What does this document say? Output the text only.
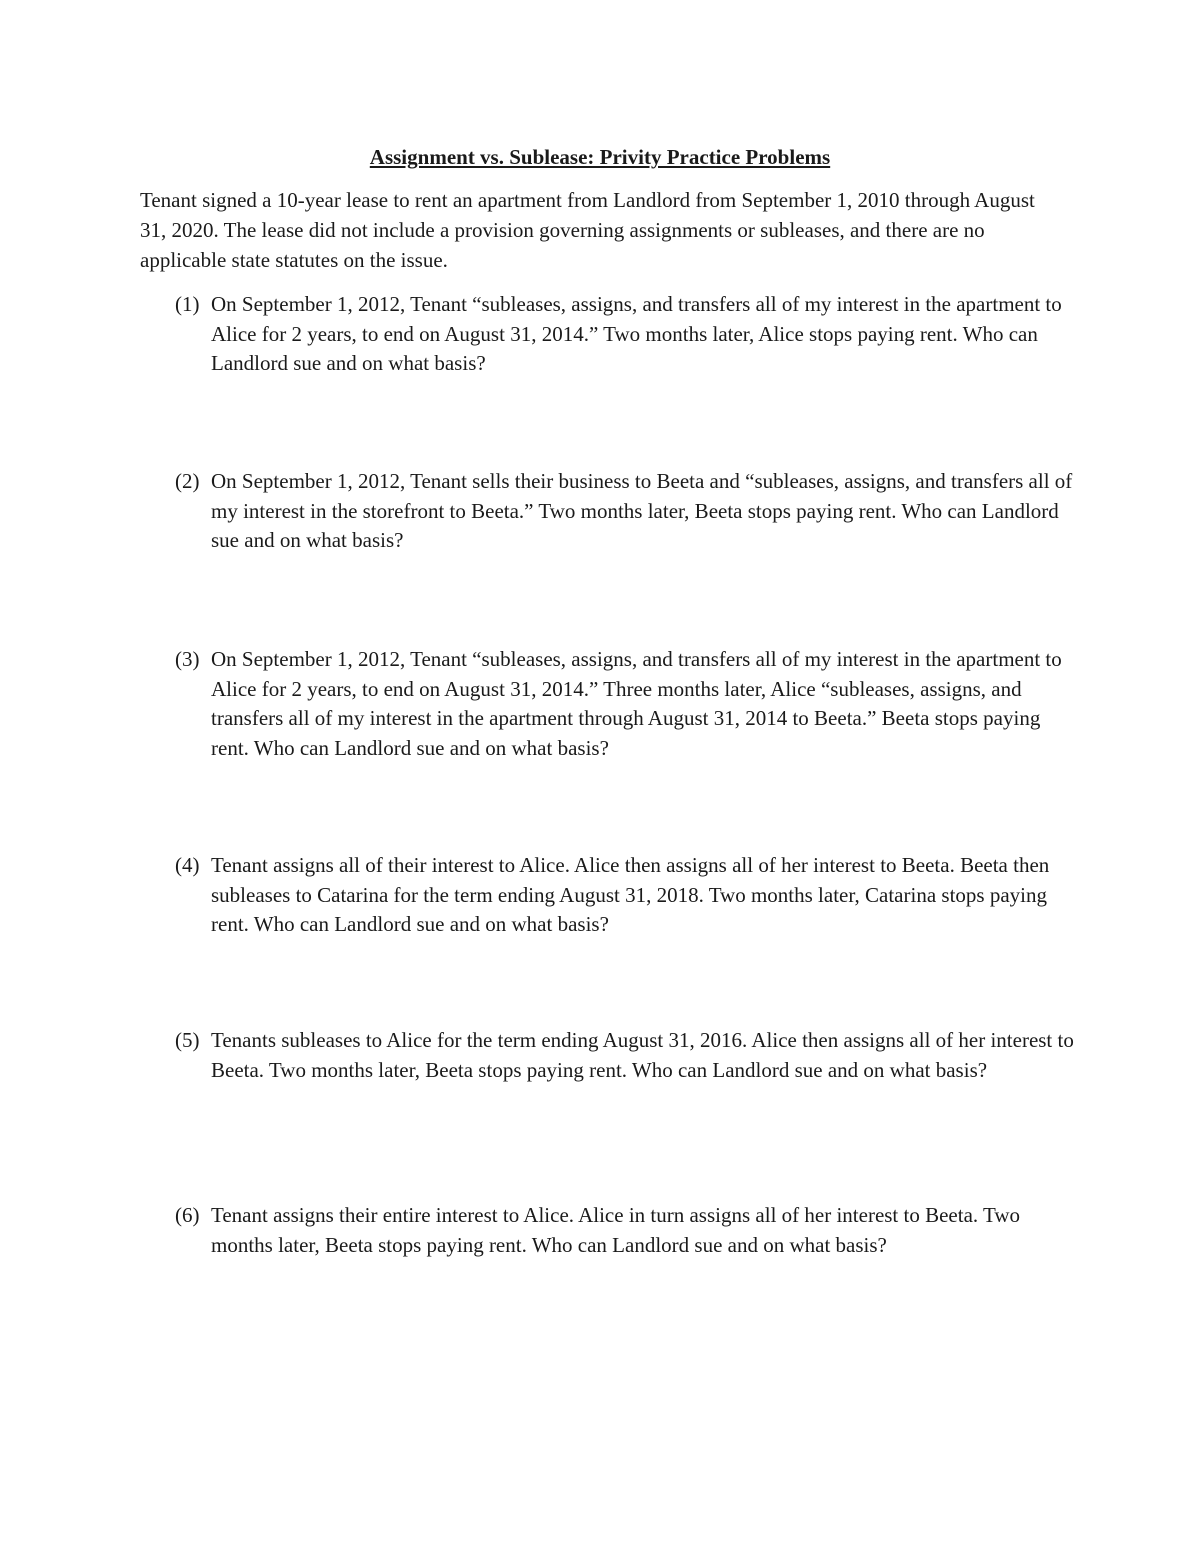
Assignment vs. Sublease: Privity Practice Problems

Tenant signed a 10-year lease to rent an apartment from Landlord from September 1, 2010 through August 31, 2020. The lease did not include a provision governing assignments or subleases, and there are no applicable state statutes on the issue.

(1) On September 1, 2012, Tenant “subleases, assigns, and transfers all of my interest in the apartment to Alice for 2 years, to end on August 31, 2014.” Two months later, Alice stops paying rent. Who can Landlord sue and on what basis?
(2) On September 1, 2012, Tenant sells their business to Beeta and “subleases, assigns, and transfers all of my interest in the storefront to Beeta.” Two months later, Beeta stops paying rent. Who can Landlord sue and on what basis?
(3) On September 1, 2012, Tenant “subleases, assigns, and transfers all of my interest in the apartment to Alice for 2 years, to end on August 31, 2014.” Three months later, Alice “subleases, assigns, and transfers all of my interest in the apartment through August 31, 2014 to Beeta.” Beeta stops paying rent. Who can Landlord sue and on what basis?
(4) Tenant assigns all of their interest to Alice. Alice then assigns all of her interest to Beeta. Beeta then subleases to Catarina for the term ending August 31, 2018. Two months later, Catarina stops paying rent. Who can Landlord sue and on what basis?
(5) Tenants subleases to Alice for the term ending August 31, 2016. Alice then assigns all of her interest to Beeta. Two months later, Beeta stops paying rent. Who can Landlord sue and on what basis?
(6) Tenant assigns their entire interest to Alice. Alice in turn assigns all of her interest to Beeta. Two months later, Beeta stops paying rent. Who can Landlord sue and on what basis?
